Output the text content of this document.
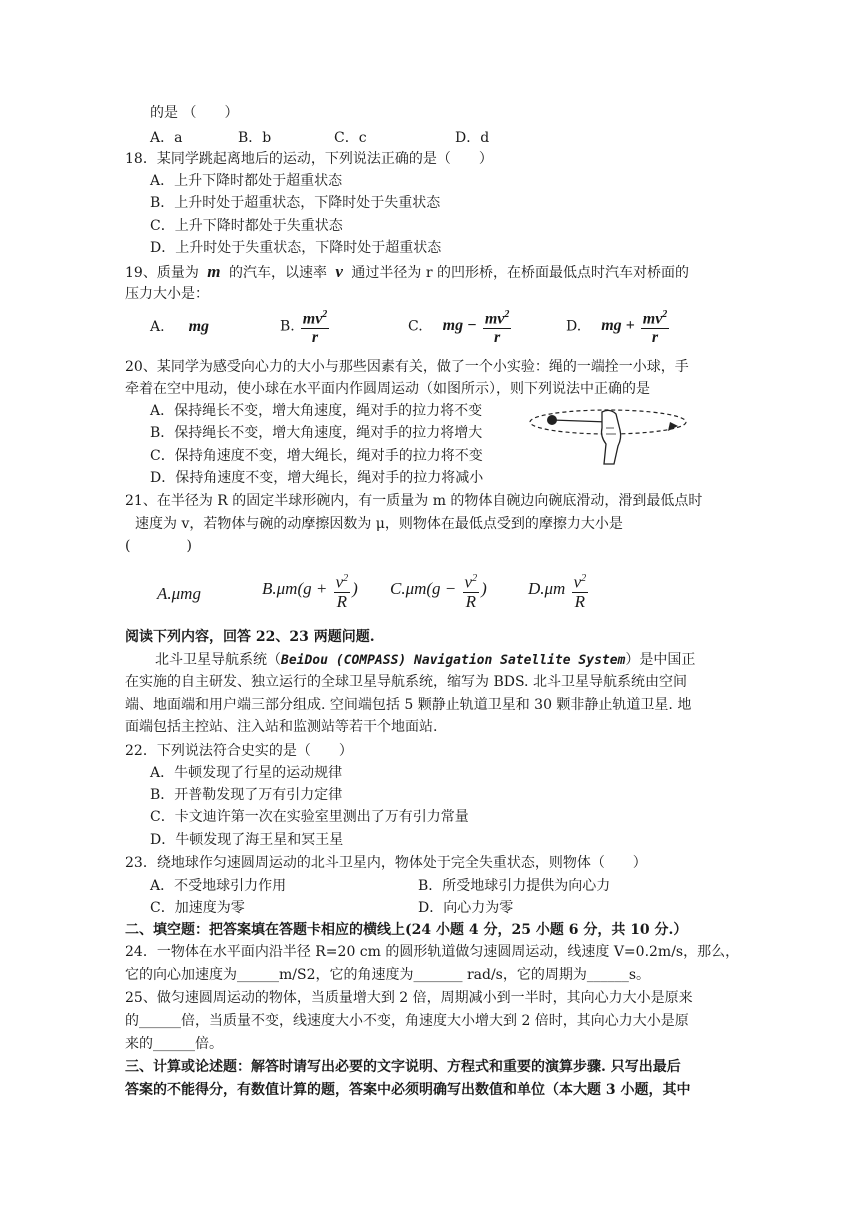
的是 （　　）
A．a	B．b	C．c	D．d
18．某同学跳起离地后的运动，下列说法正确的是（　　）
A．上升下降时都处于超重状态
B．上升时处于超重状态，下降时处于失重状态
C．上升下降时都处于失重状态
D．上升时处于失重状态，下降时处于超重状态
19、质量为 m 的汽车，以速率 v 通过半径为 r 的凹形桥，在桥面最低点时汽车对桥面的
压力大小是：
A. mg	B. $\frac{mv^2}{r}$	C. mg − $\frac{mv^2}{r}$	D. mg + $\frac{mv^2}{r}$
20、某同学为感受向心力的大小与那些因素有关，做了一个小实验：绳的一端拴一小球，手
牵着在空中甩动，使小球在水平面内作圆周运动（如图所示），则下列说法中正确的是
A．保持绳长不变，增大角速度，绳对手的拉力将不变
B．保持绳长不变，增大角速度，绳对手的拉力将增大
C．保持角速度不变，增大绳长，绳对手的拉力将不变
D．保持角速度不变，增大绳长，绳对手的拉力将减小
21、在半径为 R 的固定半球形碗内，有一质量为 m 的物体自碗边向碗底滑动，滑到最低点时
速度为 v，若物体与碗的动摩擦因数为 μ，则物体在最低点受到的摩擦力大小是
(　　　　)
A.μmg	$B.\mu m(g + \frac{v^2}{R}$ ) $C.\mu m(g - \frac{v^2}{R}$ ) $D.\mu m \frac{v^2}{R}$
阅读下列内容，回答 22、23 两题问题.
北斗卫星导航系统（BeiDou (COMPASS) Navigation Satellite System）是中国正
在实施的自主研发、独立运行的全球卫星导航系统，缩写为 BDS. 北斗卫星导航系统由空间
端、地面端和用户端三部分组成. 空间端包括 5 颗静止轨道卫星和 30 颗非静止轨道卫星. 地
面端包括主控站、注入站和监测站等若干个地面站.
22．下列说法符合史实的是（　　）
A．牛顿发现了行星的运动规律
B．开普勒发现了万有引力定律
C．卡文迪许第一次在实验室里测出了万有引力常量
D．牛顿发现了海王星和冥王星
23．绕地球作匀速圆周运动的北斗卫星内，物体处于完全失重状态，则物体（　　）
A．不受地球引力作用	B．所受地球引力提供为向心力
C．加速度为零	D．向心力为零
二、填空题：把答案填在答题卡相应的横线上(24 小题 4 分，25 小题 6 分，共 10 分.）
24．一物体在水平面内沿半径 R=20 cm 的圆形轨道做匀速圆周运动，线速度 V=0.2m/s，那么，
它的向心加速度为______m/S2，它的角速度为_______ rad/s，它的周期为______s。
25、做匀速圆周运动的物体，当质量增大到 2 倍，周期减小到一半时，其向心力大小是原来
的______倍，当质量不变，线速度大小不变，角速度大小增大到 2 倍时，其向心力大小是原
来的______倍。
三、计算或论述题：解答时请写出必要的文字说明、方程式和重要的演算步骤. 只写出最后
答案的不能得分，有数值计算的题，答案中必须明确写出数值和单位（本大题 3 小题，其中
